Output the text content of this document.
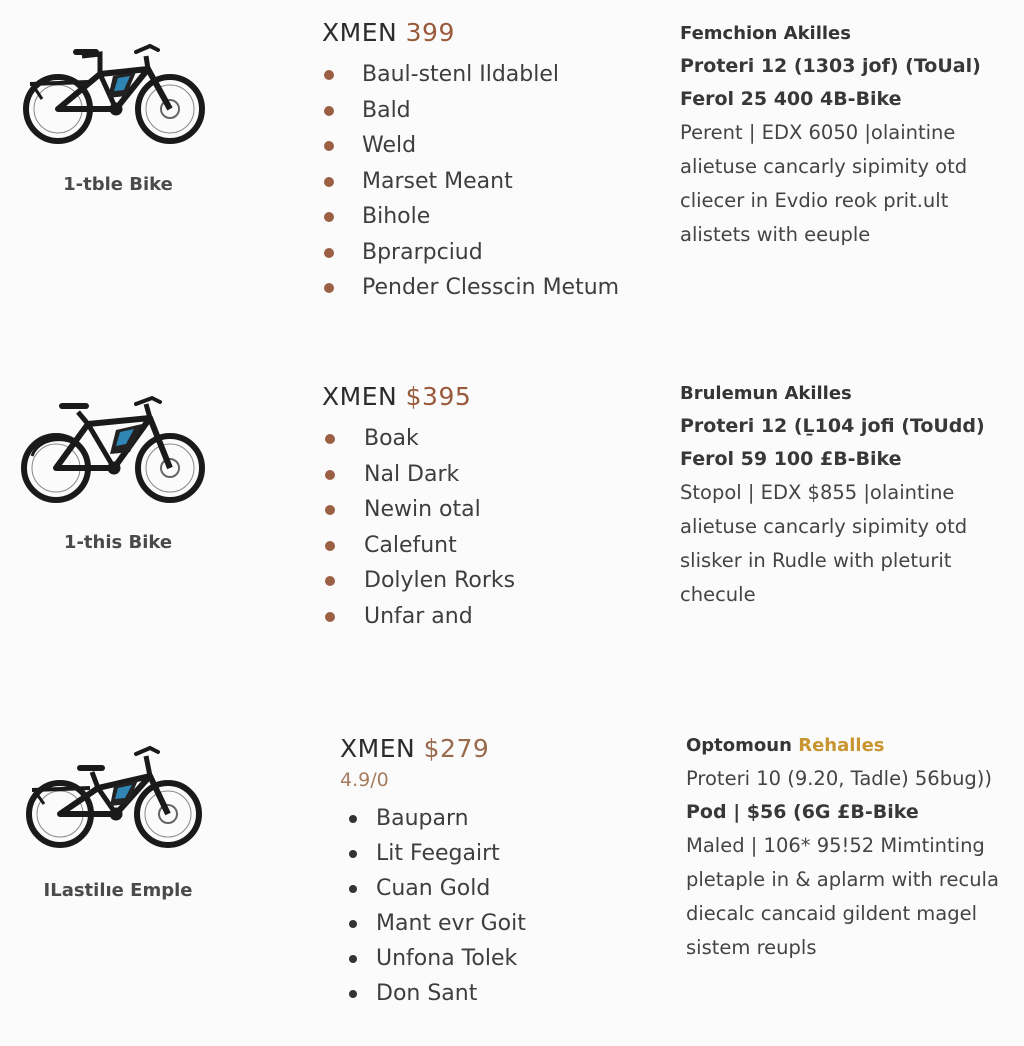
1-tble Bike
XMEN 399
Baul-stenl Ildablel
Bald
Weld
Marset Meant
Bihole
Bprarpciud
Pender Clesscin Metum
Femchion Akilles
Proteri 12 (1303 jof) (ToUal)
Ferol 25 400 4B-Bike
Perent | EDX 6050 |olaintine
alietuse cancarly sipimity otd
cliecer in Evdio reok prit.ult
alistets with eeuple
1-this Bike
XMEN $395
Boak
Nal Dark
Newin otal
Calefunt
Dolylen Rorks
Unfar and
Brulemun Akilles
Proteri 12 (Ḻ104 jofi (ToUdd)
Ferol 59 100 £B-Bike
Stopol | EDX $855 |olaintine
alietuse cancarly sipimity otd
slisker in Rudle with pleturit
checule
ILastilıe Emple
XMEN $279
4.9/0
Bauparn
Lit Feegairt
Cuan Gold
Mant evr Goit
Unfona Tolek
Don Sant
Optomoun Rehalles
Proteri 10 (9.20, Tadle) 56bug))
Pod | $56 (6G £B-Bike
Maled | 106* 95!52 Mimtinting
pletaple in & aplarm with recula
diecalc cancaid gildent magel
sistem reupls
